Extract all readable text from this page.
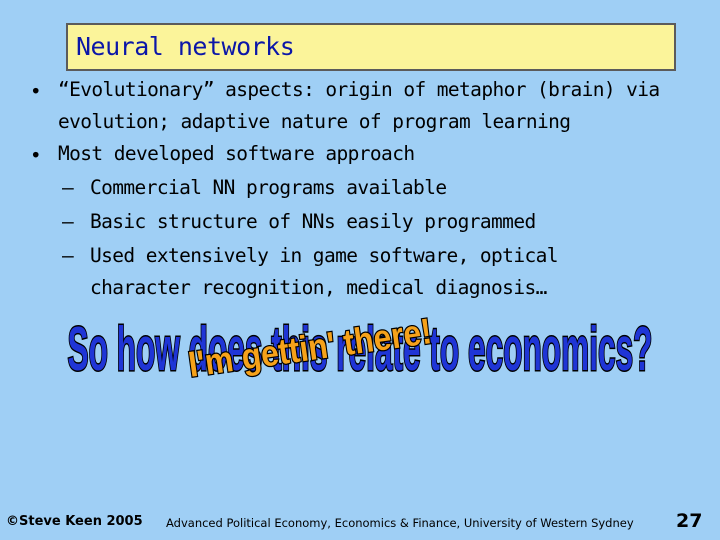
Neural networks
• “Evolutionary” aspects: origin of metaphor (brain) via
evolution; adaptive nature of program learning
• Most developed software approach
– Commercial NN programs available
– Basic structure of NNs easily programmed
– Used extensively in game software, optical
character recognition, medical diagnosis…
So how does this relate to economics?
I'm gettin' there!
©Steve Keen 2005 Advanced Political Economy, Economics & Finance, University of Western Sydney 27
